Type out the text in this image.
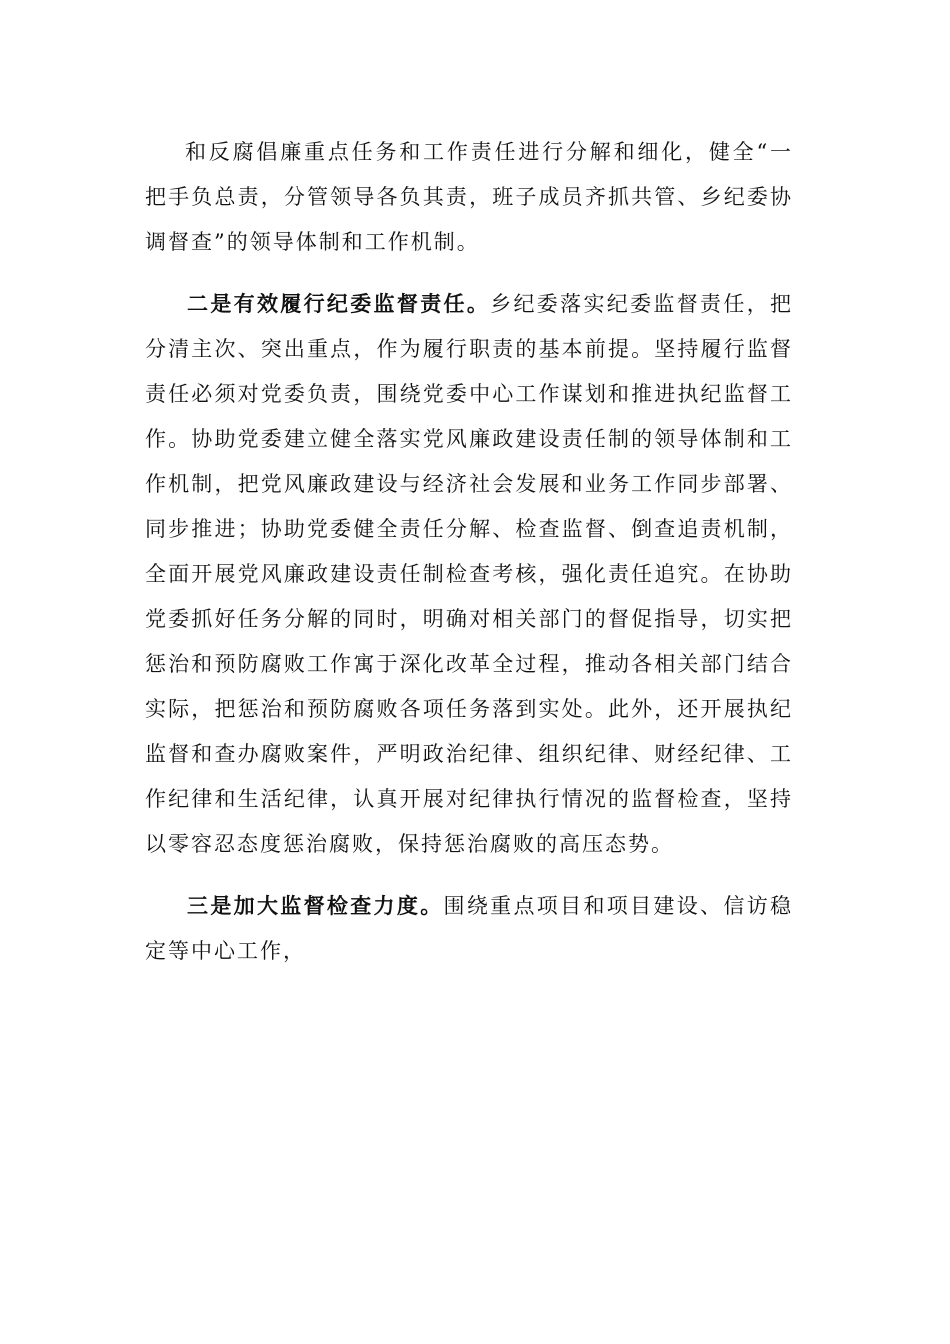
和反腐倡廉重点任务和工作责任进行分解和细化，健全“一把手负总责，分管领导各负其责，班子成员齐抓共管、乡纪委协调督查”的领导体制和工作机制。

二是有效履行纪委监督责任。乡纪委落实纪委监督责任，把分清主次、突出重点，作为履行职责的基本前提。坚持履行监督责任必须对党委负责，围绕党委中心工作谋划和推进执纪监督工作。协助党委建立健全落实党风廉政建设责任制的领导体制和工作机制，把党风廉政建设与经济社会发展和业务工作同步部署、同步推进；协助党委健全责任分解、检查监督、倒查追责机制，全面开展党风廉政建设责任制检查考核，强化责任追究。在协助党委抓好任务分解的同时，明确对相关部门的督促指导，切实把惩治和预防腐败工作寓于深化改革全过程，推动各相关部门结合实际，把惩治和预防腐败各项任务落到实处。此外，还开展执纪监督和查办腐败案件，严明政治纪律、组织纪律、财经纪律、工作纪律和生活纪律，认真开展对纪律执行情况的监督检查，坚持以零容忍态度惩治腐败，保持惩治腐败的高压态势。

三是加大监督检查力度。围绕重点项目和项目建设、信访稳定等中心工作，
